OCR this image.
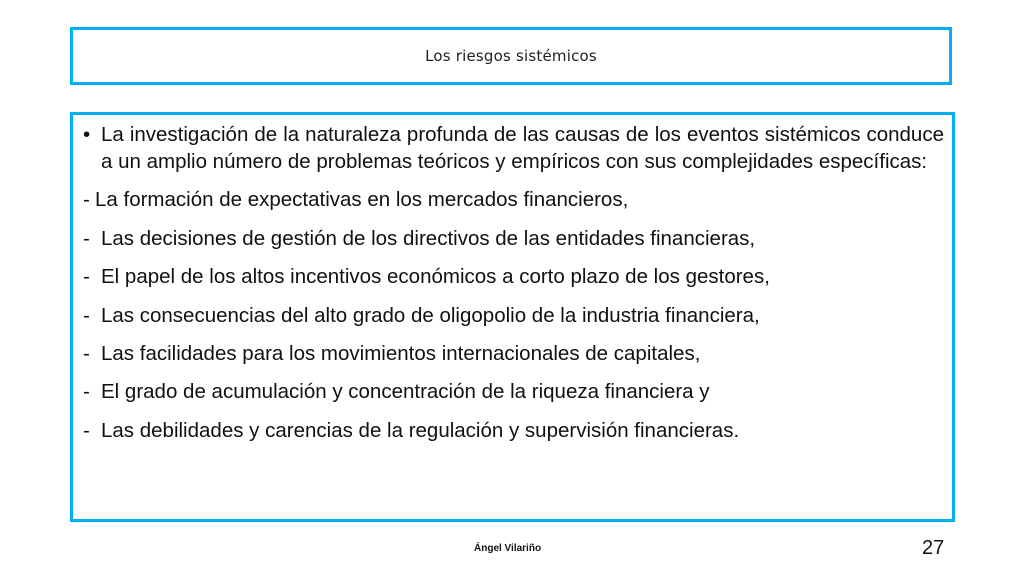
Los riesgos sistémicos
• La investigación de la naturaleza profunda de las causas de los eventos sistémicos conduce a un amplio número de problemas teóricos y empíricos con sus complejidades específicas:
- La formación de expectativas en los mercados financieros,
- Las decisiones de gestión de los directivos de las entidades financieras,
- El papel de los altos incentivos económicos a corto plazo de los gestores,
- Las consecuencias del alto grado de oligopolio de la industria financiera,
- Las facilidades para los movimientos internacionales de capitales,
- El grado de acumulación y concentración de la riqueza financiera y
- Las debilidades y carencias de la regulación y supervisión financieras.
Ángel Vilariño	27
